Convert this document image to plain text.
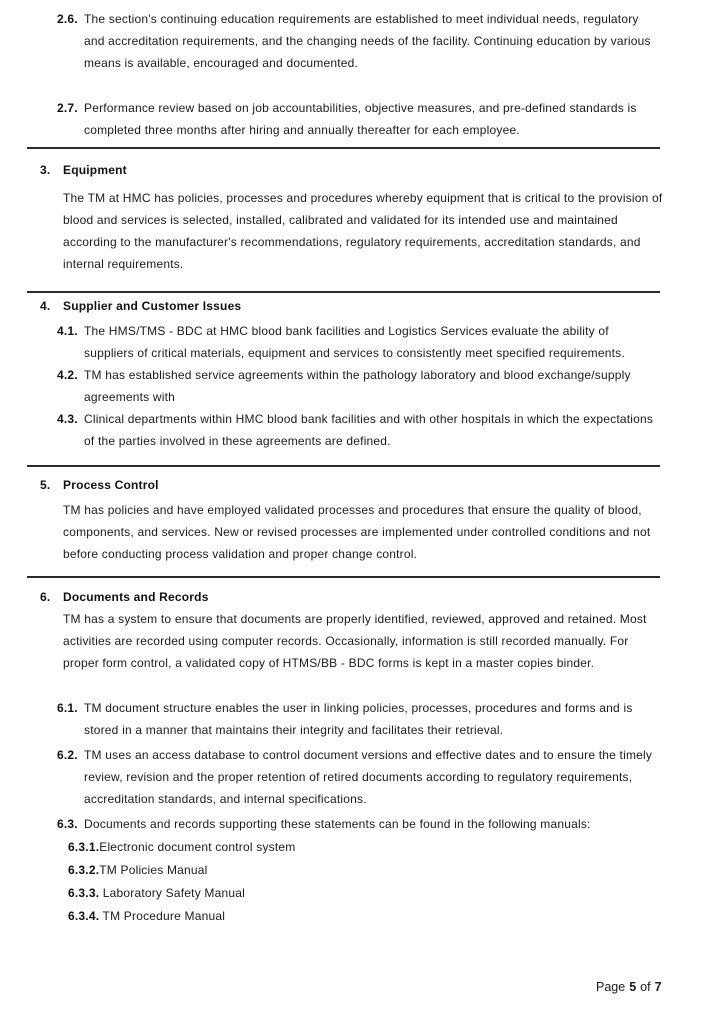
2.6. The section's continuing education requirements are established to meet individual needs, regulatory and accreditation requirements, and the changing needs of the facility. Continuing education by various means is available, encouraged and documented.
2.7. Performance review based on job accountabilities, objective measures, and pre-defined standards is completed three months after hiring and annually thereafter for each employee.
3.	Equipment
The TM at HMC has policies, processes and procedures whereby equipment that is critical to the provision of blood and services is selected, installed, calibrated and validated for its intended use and maintained according to the manufacturer's recommendations, regulatory requirements, accreditation standards, and internal requirements.
4.	Supplier and Customer Issues
4.1. The HMS/TMS - BDC at HMC blood bank facilities and Logistics Services evaluate the ability of suppliers of critical materials, equipment and services to consistently meet specified requirements.
4.2. TM has established service agreements within the pathology laboratory and blood exchange/supply agreements with
4.3. Clinical departments within HMC blood bank facilities and with other hospitals in which the expectations of the parties involved in these agreements are defined.
5.	Process Control
TM has policies and have employed validated processes and procedures that ensure the quality of blood, components, and services. New or revised processes are implemented under controlled conditions and not before conducting process validation and proper change control.
6.	Documents and Records
TM has a system to ensure that documents are properly identified, reviewed, approved and retained. Most activities are recorded using computer records. Occasionally, information is still recorded manually. For proper form control, a validated copy of HTMS/BB - BDC forms is kept in a master copies binder.
6.1. TM document structure enables the user in linking policies, processes, procedures and forms and is stored in a manner that maintains their integrity and facilitates their retrieval.
6.2. TM uses an access database to control document versions and effective dates and to ensure the timely review, revision and the proper retention of retired documents according to regulatory requirements, accreditation standards, and internal specifications.
6.3. Documents and records supporting these statements can be found in the following manuals:
6.3.1.Electronic document control system
6.3.2.TM Policies Manual
6.3.3. Laboratory Safety Manual
6.3.4. TM Procedure Manual
Page 5 of 7
